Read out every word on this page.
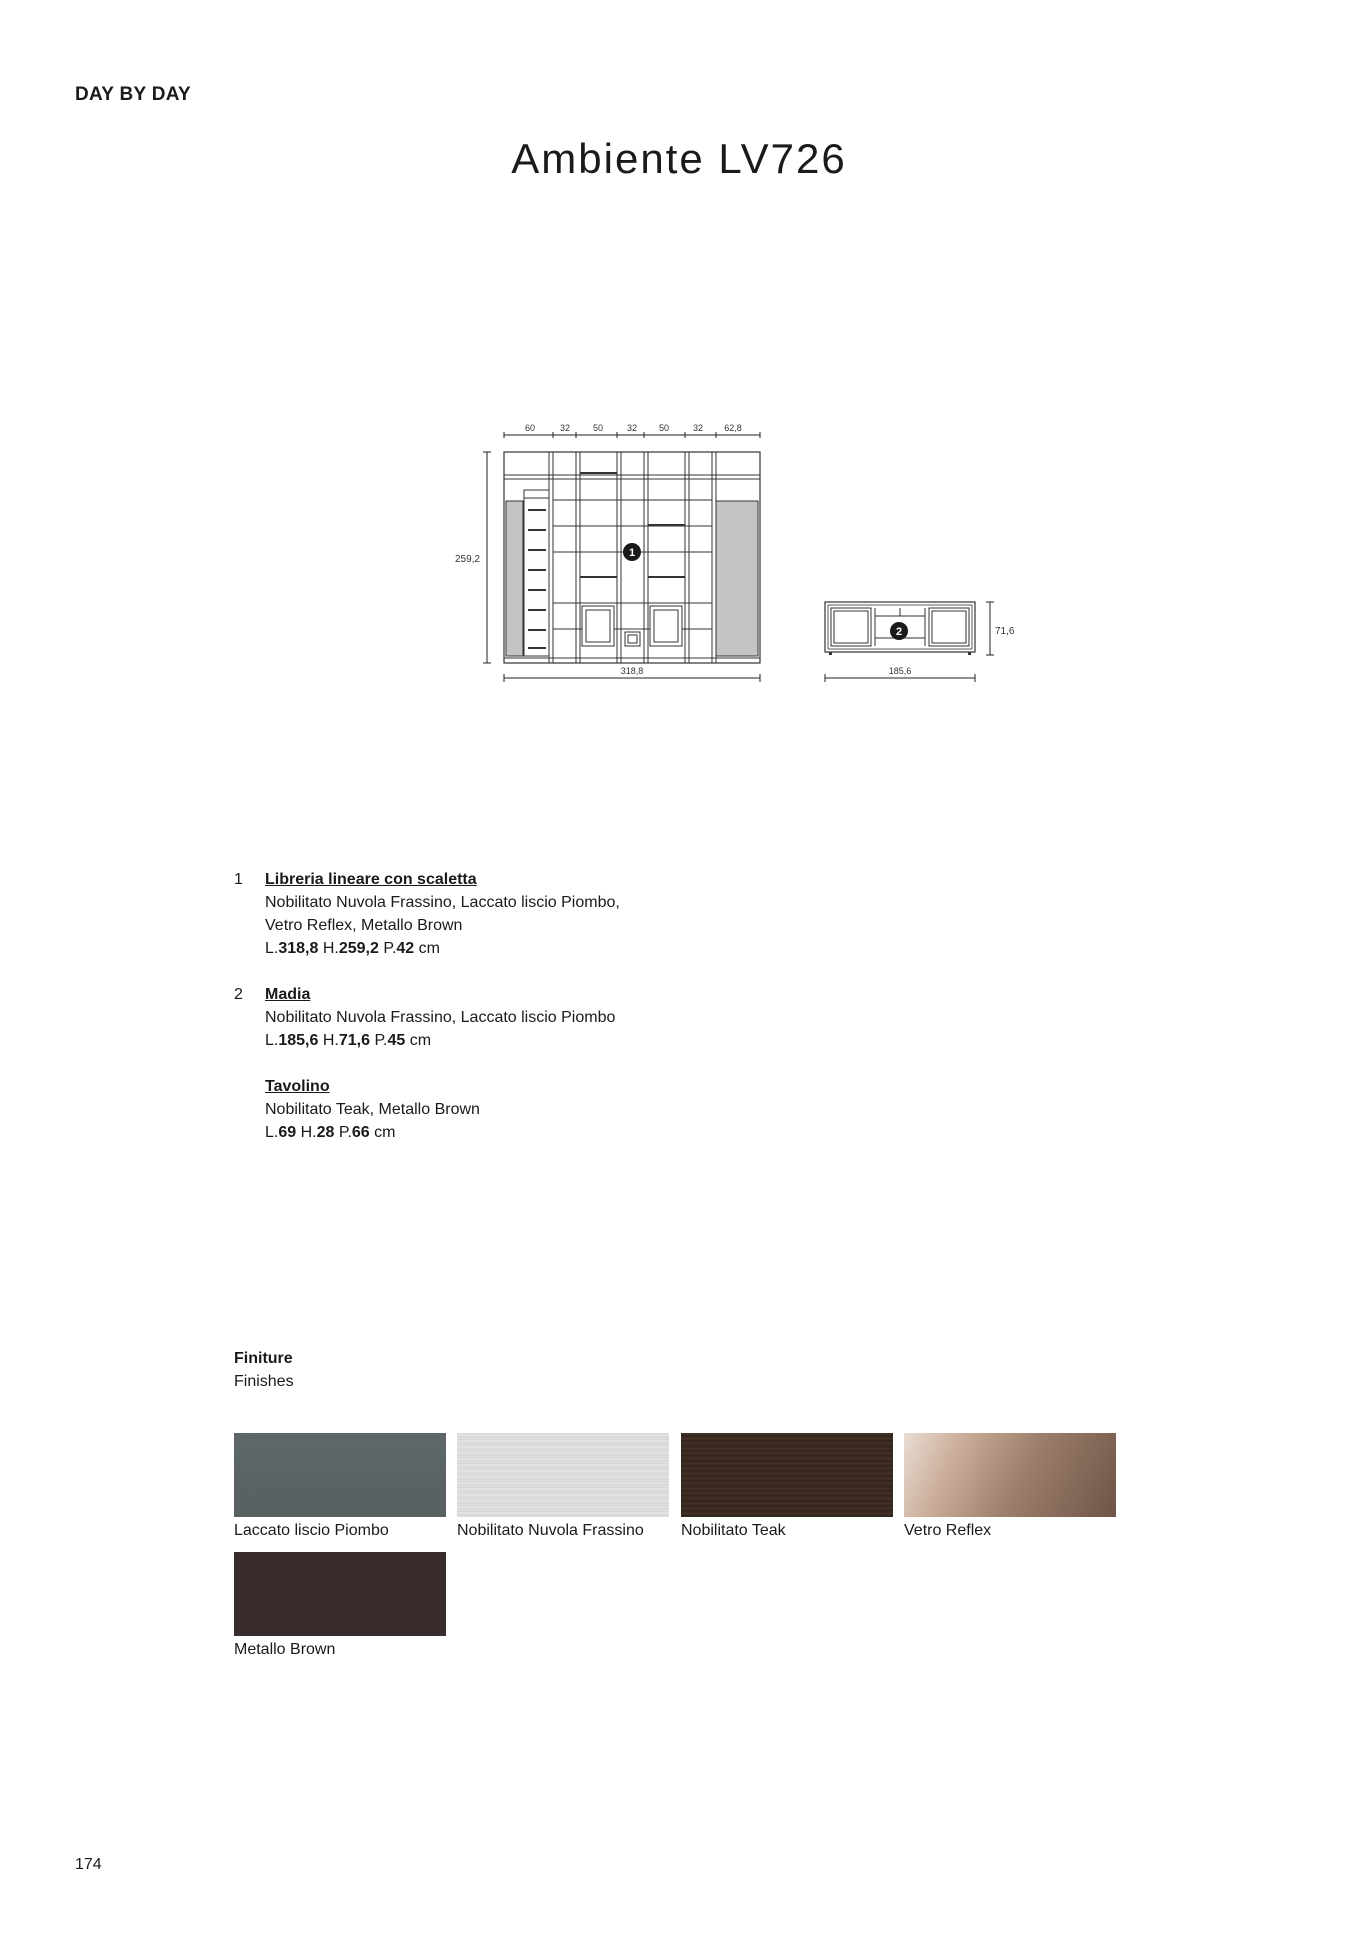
DAY BY DAY
Ambiente LV726
60	32	50	32 50	32 62,8
259,2
1
318,8
2	71,6
185,6
1 Libreria lineare con scaletta
Nobilitato Nuvola Frassino, Laccato liscio Piombo,
Vetro Reflex, Metallo Brown
L.318,8 H.259,2 P.42 cm
2 Madia
Nobilitato Nuvola Frassino, Laccato liscio Piombo
L.185,6 H.71,6 P.45 cm
Tavolino
Nobilitato Teak, Metallo Brown
L.69 H.28 P.66 cm
Finiture
Finishes
Laccato liscio Piombo	Nobilitato Nuvola Frassino	Nobilitato Teak	Vetro Reflex
Metallo Brown
174
